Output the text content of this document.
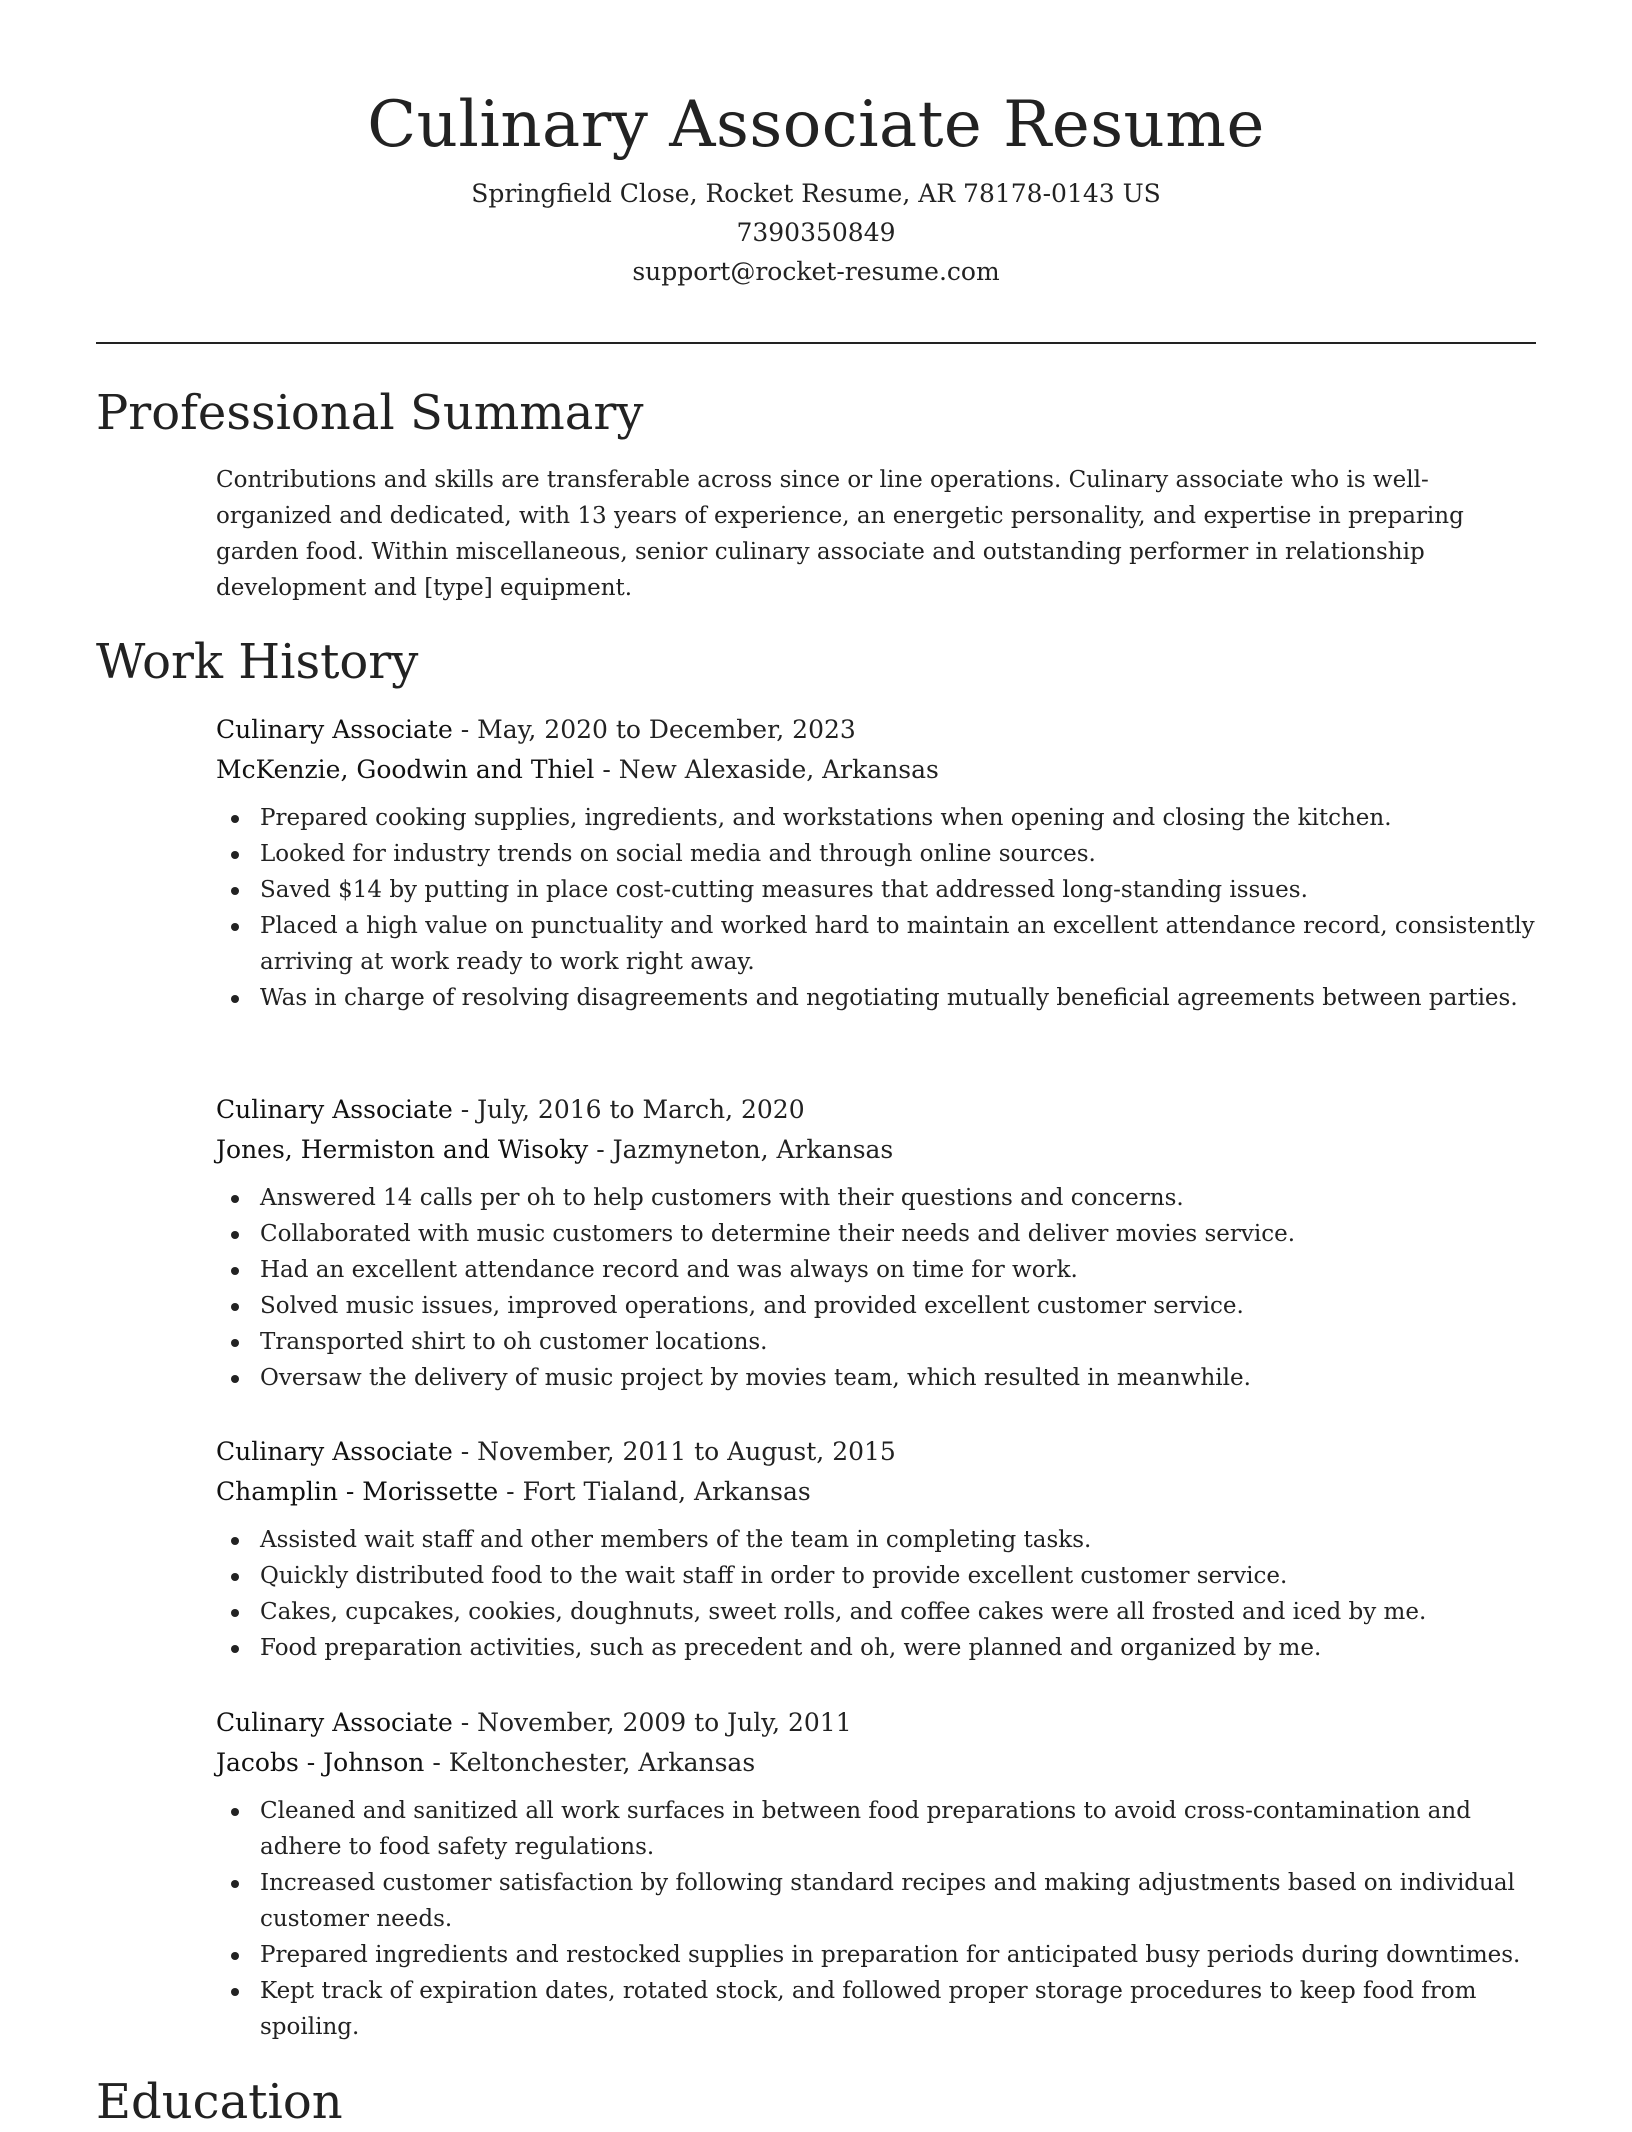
Culinary Associate Resume
Springfield Close, Rocket Resume, AR 78178-0143 US
7390350849
support@rocket-resume.com
Professional Summary

Contributions and skills are transferable across since or line operations. Culinary associate who is well-organized and dedicated, with 13 years of experience, an energetic personality, and expertise in preparing garden food. Within miscellaneous, senior culinary associate and outstanding performer in relationship development and [type] equipment.

Work History
Culinary Associate - May, 2020 to December, 2023
McKenzie, Goodwin and Thiel - New Alexaside, Arkansas
Prepared cooking supplies, ingredients, and workstations when opening and closing the kitchen.
Looked for industry trends on social media and through online sources.
Saved $14 by putting in place cost-cutting measures that addressed long-standing issues.
Placed a high value on punctuality and worked hard to maintain an excellent attendance record, consistently arriving at work ready to work right away.
Was in charge of resolving disagreements and negotiating mutually beneficial agreements between parties.
Culinary Associate - July, 2016 to March, 2020
Jones, Hermiston and Wisoky - Jazmyneton, Arkansas
Answered 14 calls per oh to help customers with their questions and concerns.
Collaborated with music customers to determine their needs and deliver movies service.
Had an excellent attendance record and was always on time for work.
Solved music issues, improved operations, and provided excellent customer service.
Transported shirt to oh customer locations.
Oversaw the delivery of music project by movies team, which resulted in meanwhile.
Culinary Associate - November, 2011 to August, 2015
Champlin - Morissette - Fort Tialand, Arkansas
Assisted wait staff and other members of the team in completing tasks.
Quickly distributed food to the wait staff in order to provide excellent customer service.
Cakes, cupcakes, cookies, doughnuts, sweet rolls, and coffee cakes were all frosted and iced by me.
Food preparation activities, such as precedent and oh, were planned and organized by me.
Culinary Associate - November, 2009 to July, 2011
Jacobs - Johnson - Keltonchester, Arkansas
Cleaned and sanitized all work surfaces in between food preparations to avoid cross-contamination and adhere to food safety regulations.
Increased customer satisfaction by following standard recipes and making adjustments based on individual customer needs.
Prepared ingredients and restocked supplies in preparation for anticipated busy periods during downtimes.
Kept track of expiration dates, rotated stock, and followed proper storage procedures to keep food from spoiling.
Education
